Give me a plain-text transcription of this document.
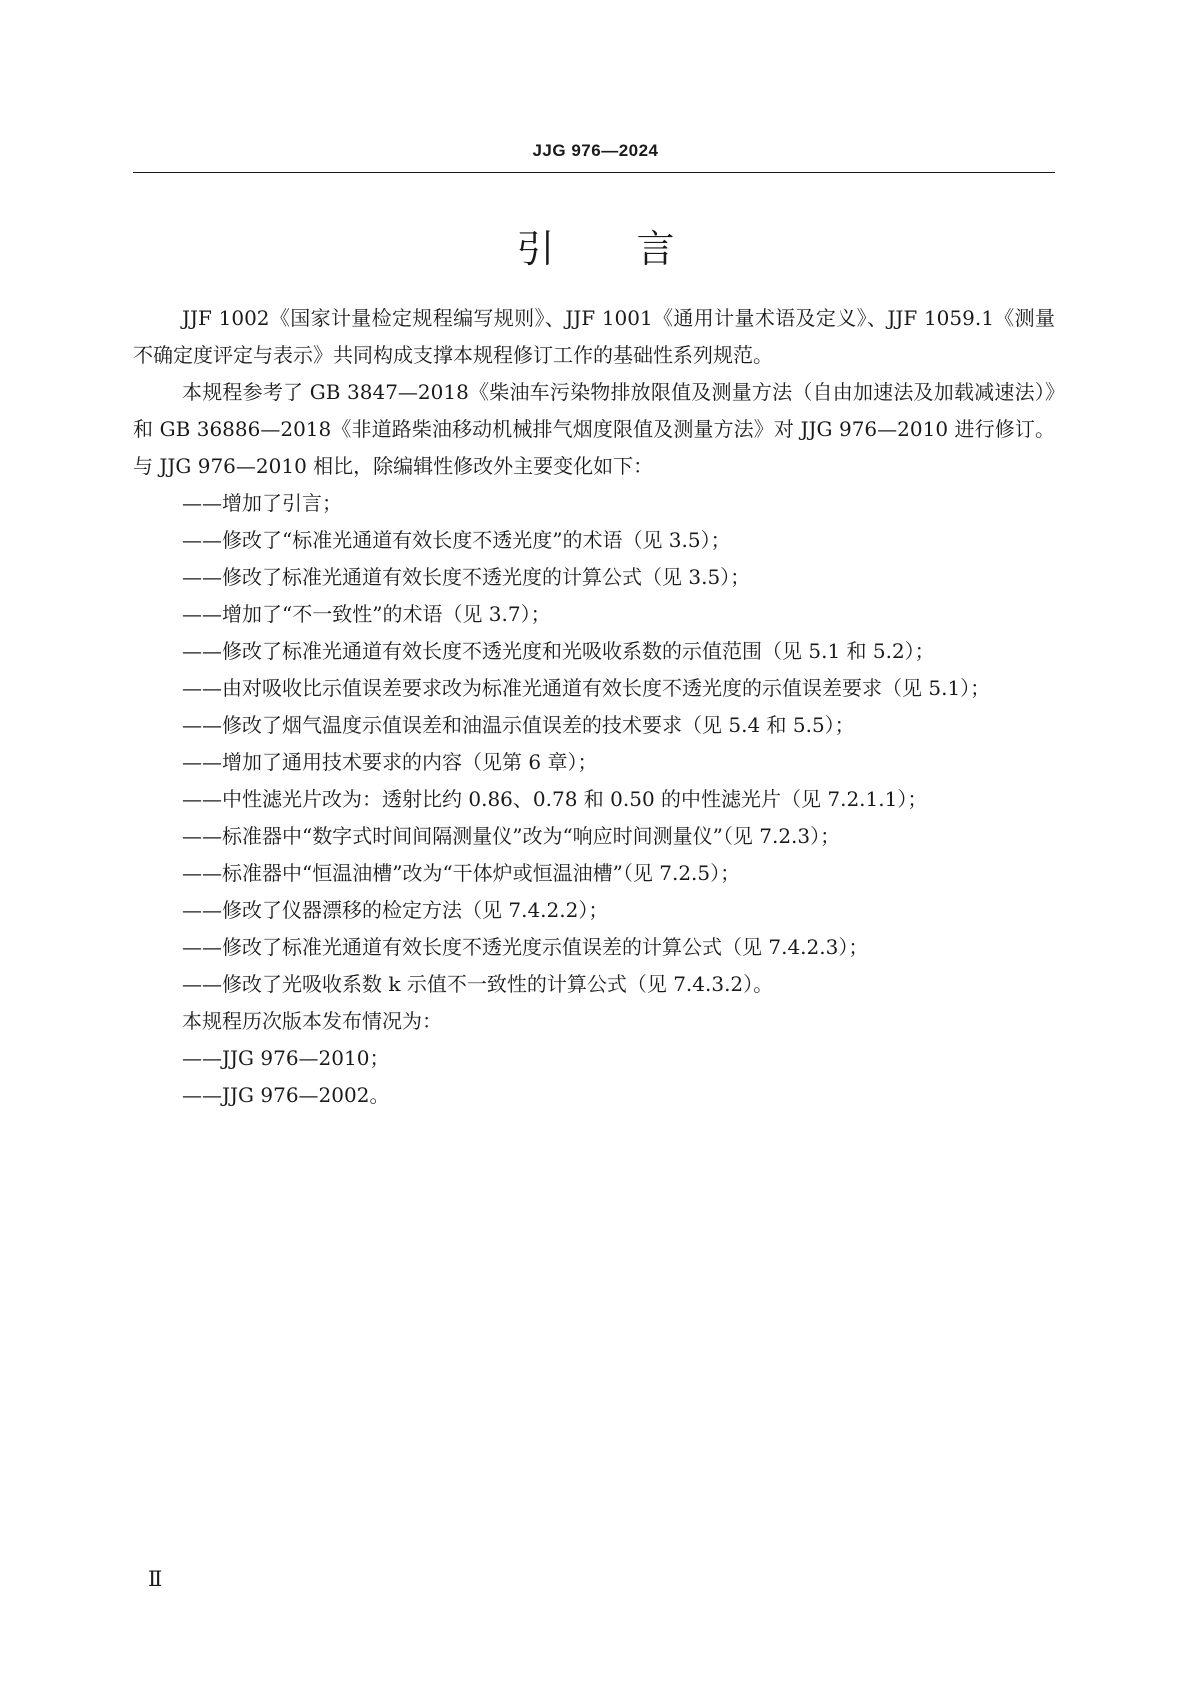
JJG 976—2024
引 言

JJF 1002《国家计量检定规程编写规则》、JJF 1001《通用计量术语及定义》、JJF 1059.1《测量不确定度评定与表示》共同构成支撑本规程修订工作的基础性系列规范。

本规程参考了 GB 3847—2018《柴油车污染物排放限值及测量方法（自由加速法及加载减速法）》和 GB 36886—2018《非道路柴油移动机械排气烟度限值及测量方法》对 JJG 976—2010 进行修订。与 JJG 976—2010 相比，除编辑性修改外主要变化如下：

——增加了引言；

——修改了“标准光通道有效长度不透光度”的术语（见 3.5）；

——修改了标准光通道有效长度不透光度的计算公式（见 3.5）；

——增加了“不一致性”的术语（见 3.7）；

——修改了标准光通道有效长度不透光度和光吸收系数的示值范围（见 5.1 和 5.2）；

——由对吸收比示值误差要求改为标准光通道有效长度不透光度的示值误差要求（见 5.1）；

——修改了烟气温度示值误差和油温示值误差的技术要求（见 5.4 和 5.5）；

——增加了通用技术要求的内容（见第 6 章）；

——中性滤光片改为：透射比约 0.86、0.78 和 0.50 的中性滤光片（见 7.2.1.1）；

——标准器中“数字式时间间隔测量仪”改为“响应时间测量仪”（见 7.2.3）；

——标准器中“恒温油槽”改为“干体炉或恒温油槽”（见 7.2.5）；

——修改了仪器漂移的检定方法（见 7.4.2.2）；

——修改了标准光通道有效长度不透光度示值误差的计算公式（见 7.4.2.3）；

——修改了光吸收系数 k 示值不一致性的计算公式（见 7.4.3.2）。

本规程历次版本发布情况为：

——JJG 976—2010；

——JJG 976—2002。

Ⅱ
